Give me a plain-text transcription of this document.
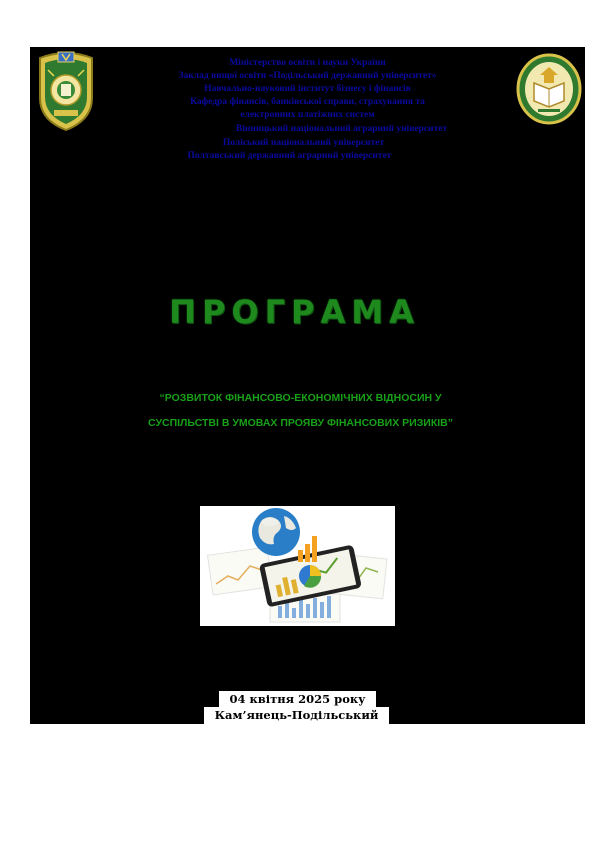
Міністерство освіти і науки України
Заклад вищої освіти «Подільський державний університет»
Навчально-науковий інститут бізнесу і фінансів
Кафедра фінансів, банківської справи, страхування та
електронних платіжних систем
Вінницький національний аграрний університет
Поліський національний університет
Полтавський державний аграрний університет
ПРОГРАМА
“РОЗВИТОК ФІНАНСОВО-ЕКОНОМІЧНИХ ВІДНОСИН У
СУСПІЛЬСТВІ В УМОВАХ ПРОЯВУ ФІНАНСОВИХ РИЗИКІВ”
04 квітня 2025 року
Кам’янець-Подільський
